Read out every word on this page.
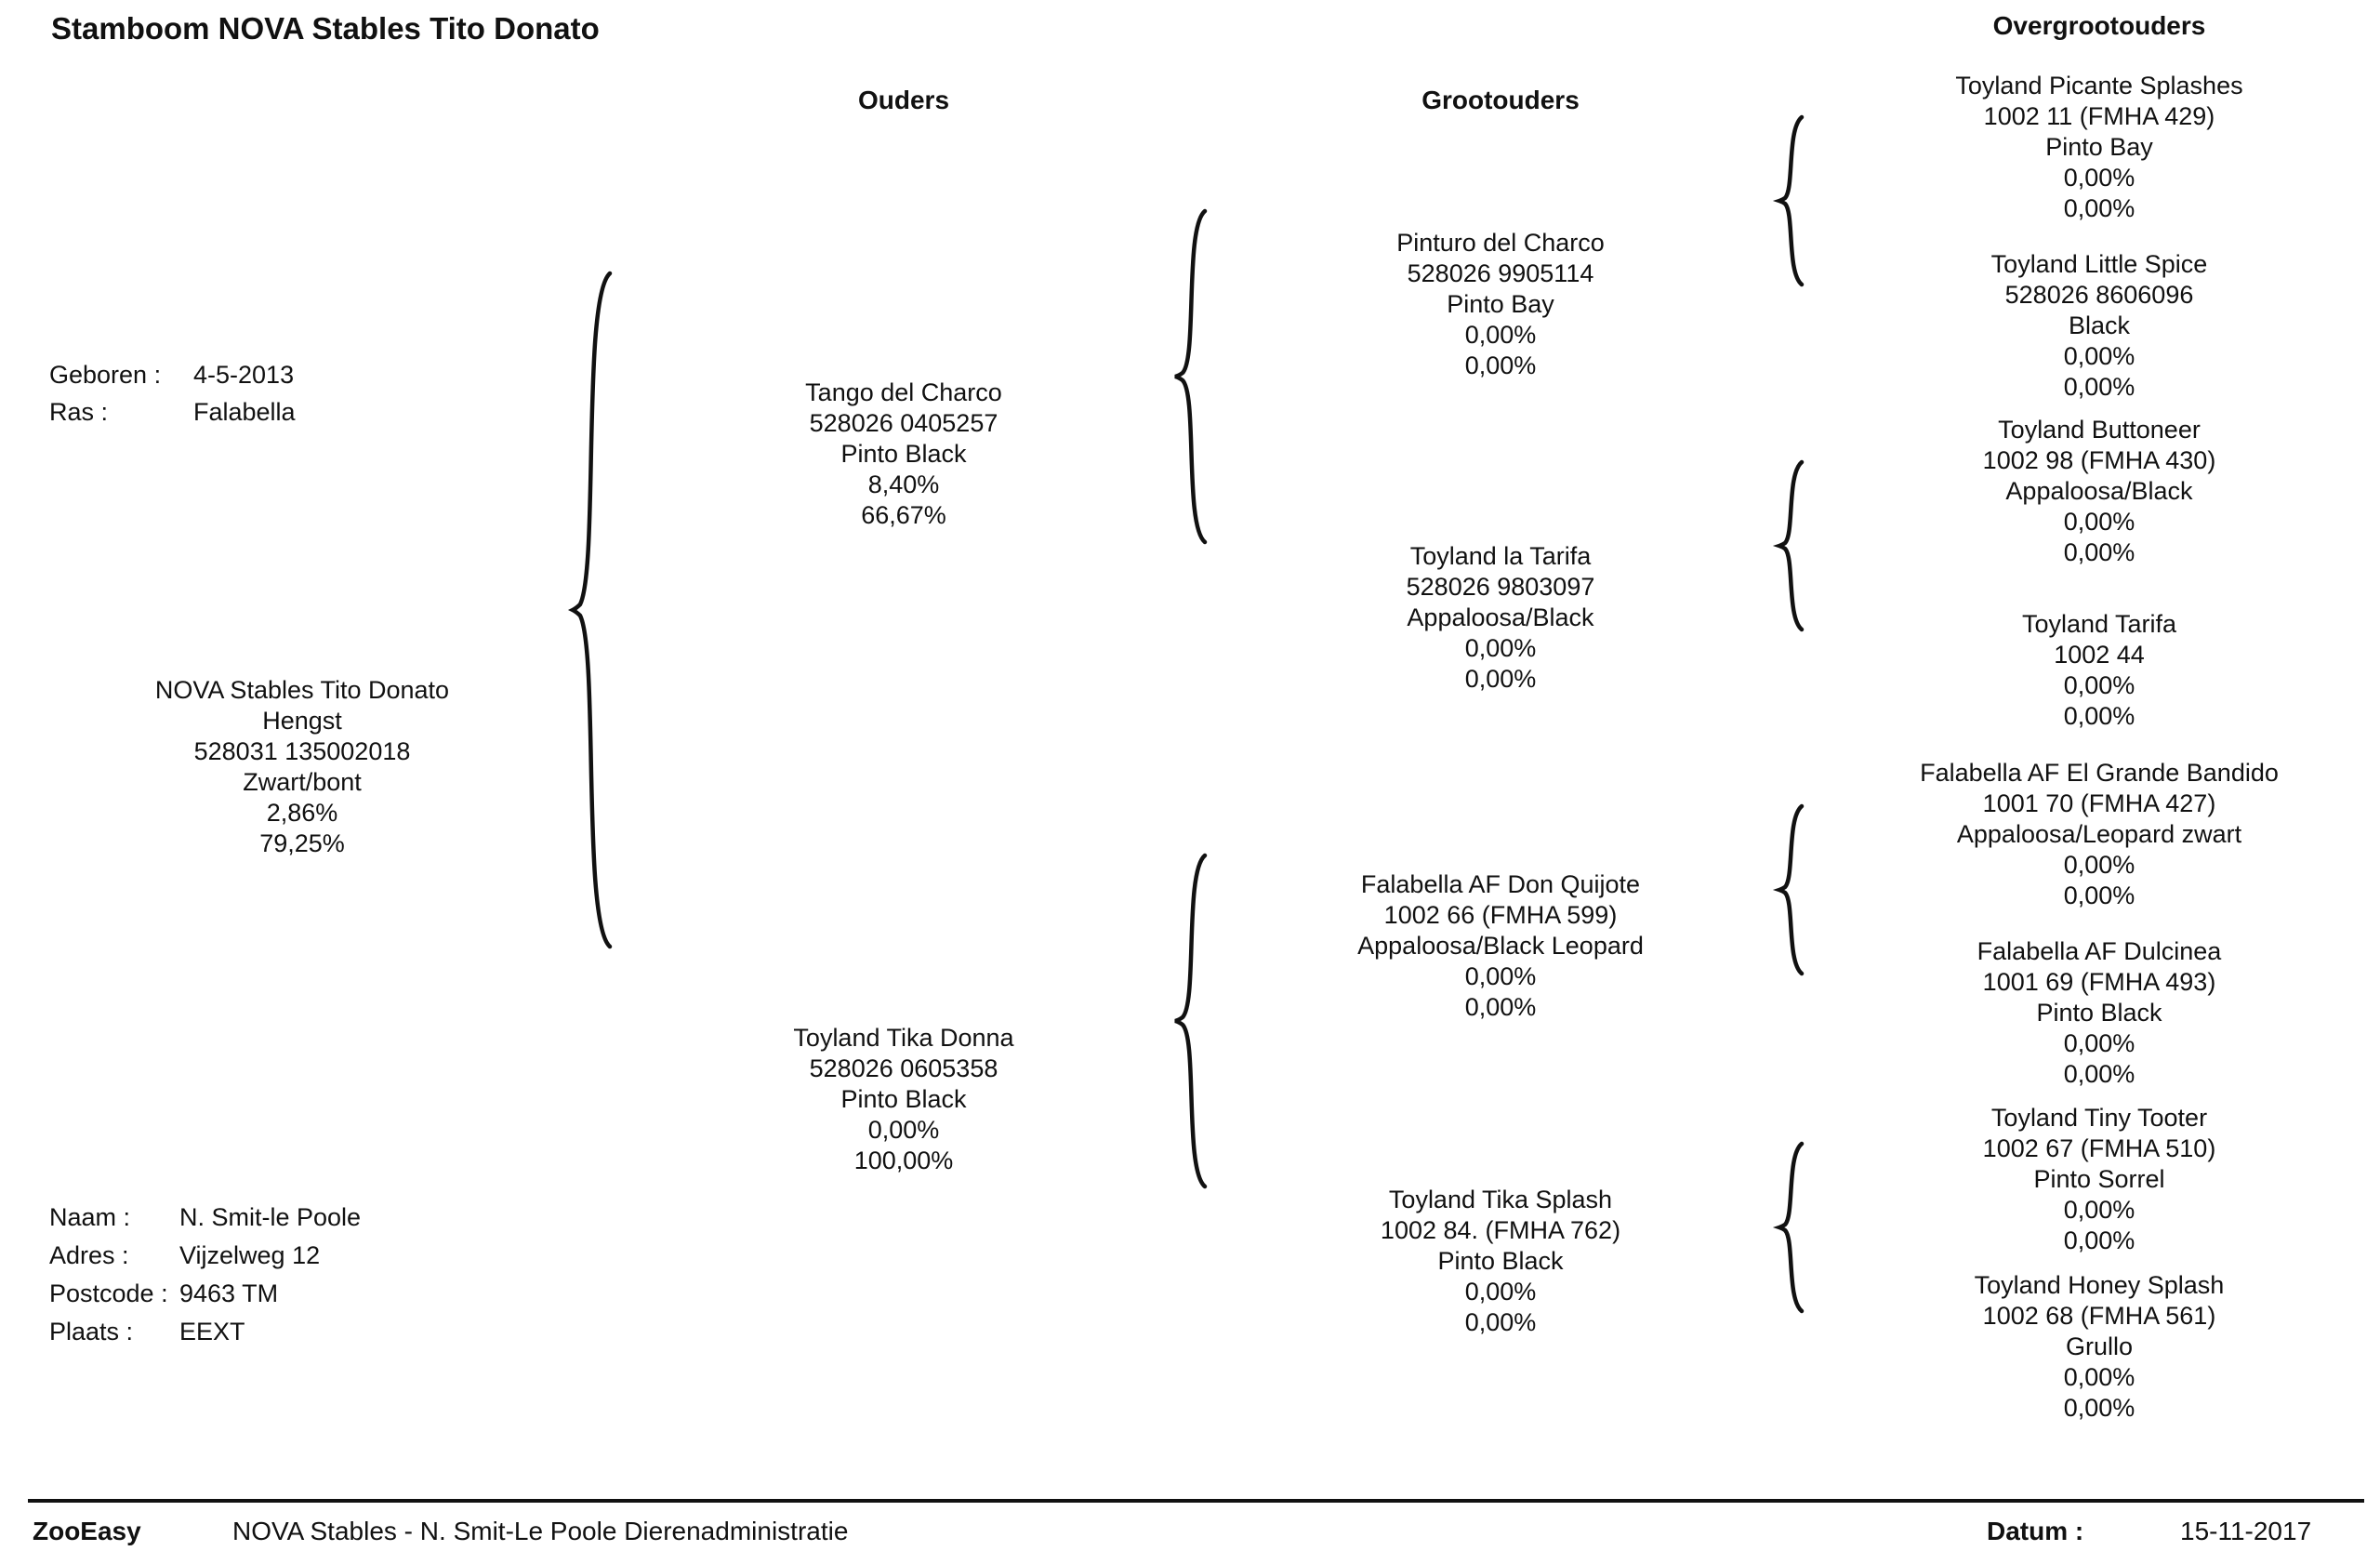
Stamboom NOVA Stables Tito Donato
Ouders	Grootouders
Overgrootouders
Geboren :	4-5-2013
Ras :	Falabella
NOVA Stables Tito Donato
Hengst
528031 135002018
Zwart/bont
2,86%
79,25%
Naam :	N. Smit-le Poole
Adres :	Vijzelweg 12
Postcode : 9463 TM
Plaats :	EEXT
Tango del Charco
528026 0405257
Pinto Black
8,40%
66,67%
Toyland Tika Donna
528026 0605358
Pinto Black
0,00%
100,00%
Pinturo del Charco
528026 9905114
Pinto Bay
0,00%
0,00%
Toyland la Tarifa
528026 9803097
Appaloosa/Black
0,00%
0,00%
Falabella AF Don Quijote
1002 66 (FMHA 599)
Appaloosa/Black Leopard
0,00%
0,00%
Toyland Tika Splash
1002 84. (FMHA 762)
Pinto Black
0,00%
0,00%
Toyland Picante Splashes
1002 11 (FMHA 429)
Pinto Bay
0,00%
0,00%
Toyland Little Spice
528026 8606096
Black
0,00%
0,00%
Toyland Buttoneer
1002 98 (FMHA 430)
Appaloosa/Black
0,00%
0,00%
Toyland Tarifa
1002 44
0,00%
0,00%
Falabella AF El Grande Bandido
1001 70 (FMHA 427)
Appaloosa/Leopard zwart
0,00%
0,00%
Falabella AF Dulcinea
1001 69 (FMHA 493)
Pinto Black
0,00%
0,00%
Toyland Tiny Tooter
1002 67 (FMHA 510)
Pinto Sorrel
0,00%
0,00%
Toyland Honey Splash
1002 68 (FMHA 561)
Grullo
0,00%
0,00%
ZooEasy	NOVA Stables - N. Smit-Le Poole Dierenadministratie	Datum :	15-11-2017
